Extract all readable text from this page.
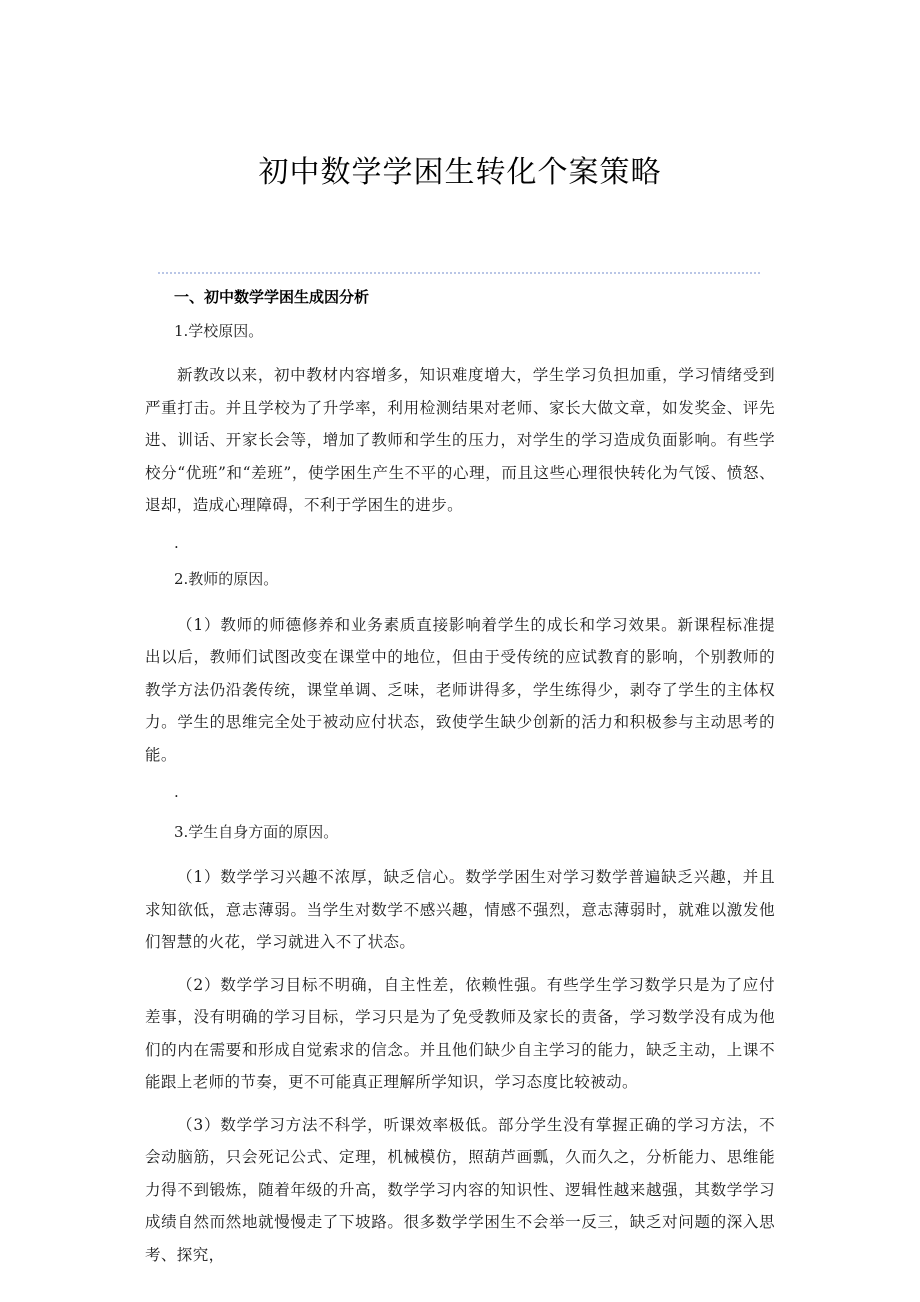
初中数学学困生转化个案策略

一、初中数学学困生成因分析

1.学校原因。

新教改以来，初中教材内容增多，知识难度增大，学生学习负担加重，学习情绪受到严重打击。并且学校为了升学率，利用检测结果对老师、家长大做文章，如发奖金、评先进、训话、开家长会等，增加了教师和学生的压力，对学生的学习造成负面影响。有些学校分“优班”和“差班”，使学困生产生不平的心理，而且这些心理很快转化为气馁、愤怒、退却，造成心理障碍，不利于学困生的进步。

.

2.教师的原因。

（1）教师的师德修养和业务素质直接影响着学生的成长和学习效果。新课程标准提出以后，教师们试图改变在课堂中的地位，但由于受传统的应试教育的影响，个别教师的教学方法仍沿袭传统，课堂单调、乏味，老师讲得多，学生练得少，剥夺了学生的主体权力。学生的思维完全处于被动应付状态，致使学生缺少创新的活力和积极参与主动思考的能。

.

3.学生自身方面的原因。

（1）数学学习兴趣不浓厚，缺乏信心。数学学困生对学习数学普遍缺乏兴趣，并且求知欲低，意志薄弱。当学生对数学不感兴趣，情感不强烈，意志薄弱时，就难以激发他们智慧的火花，学习就进入不了状态。

（2）数学学习目标不明确，自主性差，依赖性强。有些学生学习数学只是为了应付差事，没有明确的学习目标，学习只是为了免受教师及家长的责备，学习数学没有成为他们的内在需要和形成自觉索求的信念。并且他们缺少自主学习的能力，缺乏主动，上课不能跟上老师的节奏，更不可能真正理解所学知识，学习态度比较被动。

（3）数学学习方法不科学，听课效率极低。部分学生没有掌握正确的学习方法，不会动脑筋，只会死记公式、定理，机械模仿，照葫芦画瓢，久而久之，分析能力、思维能力得不到锻炼，随着年级的升高，数学学习内容的知识性、逻辑性越来越强，其数学学习成绩自然而然地就慢慢走了下坡路。很多数学学困生不会举一反三，缺乏对问题的深入思考、探究，
